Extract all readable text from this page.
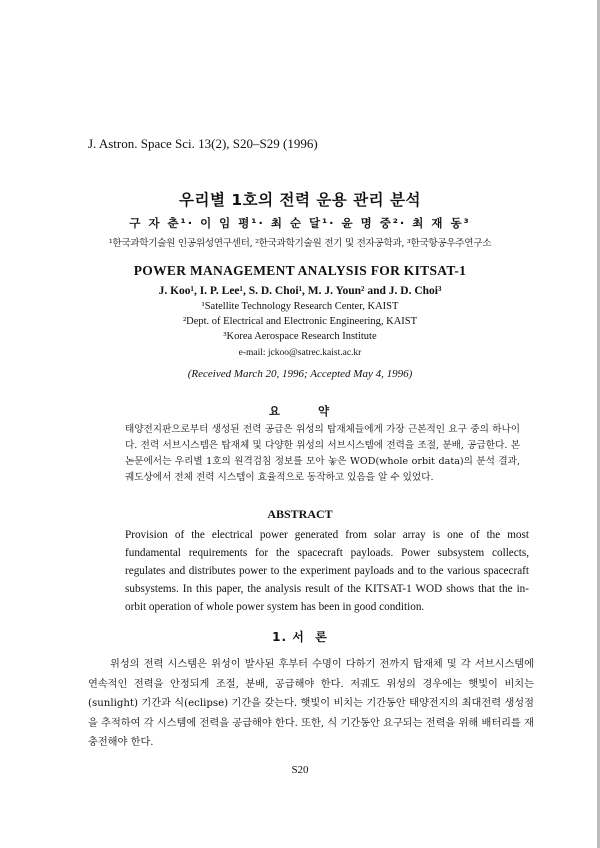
J. Astron. Space Sci. 13(2), S20–S29 (1996)

우리별 1호의 전력 운용 관리 분석

구 자 춘¹· 이 임 평¹· 최 순 달¹· 윤 명 중²· 최 재 동³

¹한국과학기술원 인공위성연구센터, ²한국과학기술원 전기 및 전자공학과, ³한국항공우주연구소

POWER MANAGEMENT ANALYSIS FOR KITSAT-1

J. Koo¹, I. P. Lee¹, S. D. Choi¹, M. J. Youn² and J. D. Choi³

¹Satellite Technology Research Center, KAIST

²Dept. of Electrical and Electronic Engineering, KAIST

³Korea Aerospace Research Institute

e-mail: jckoo@satrec.kaist.ac.kr

(Received March 20, 1996; Accepted May 4, 1996)

요      약

태양전지판으로부터 생성된 전력 공급은 위성의 탑재체들에게 가장 근본적인 요구 중의 하나이다. 전력 서브시스템은 탑재체 및 다양한 위성의 서브시스템에 전력을 조절, 분배, 공급한다. 본 논문에서는 우리별 1호의 원격검침 정보를 모아 놓은 WOD(whole orbit data)의 분석 결과, 궤도상에서 전체 전력 시스템이 효율적으로 동작하고 있음을 알 수 있었다.

ABSTRACT

Provision of the electrical power generated from solar array is one of the most fundamental requirements for the spacecraft payloads. Power subsystem collects, regulates and distributes power to the experiment payloads and to the various spacecraft subsystems. In this paper, the analysis result of the KITSAT-1 WOD shows that the in-orbit operation of whole power system has been in good condition.

1. 서  론

위성의 전력 시스템은 위성이 발사된 후부터 수명이 다하기 전까지 탑재체 및 각 서브시스템에 연속적인 전력을 안정되게 조절, 분배, 공급해야 한다. 저궤도 위성의 경우에는 햇빛이 비치는(sunlight) 기간과 식(eclipse) 기간을 갖는다. 햇빛이 비치는 기간동안 태양전지의 최대전력 생성점을 추적하여 각 시스템에 전력을 공급해야 한다. 또한, 식 기간동안 요구되는 전력을 위해 배터리를 재충전해야 한다.

S20
